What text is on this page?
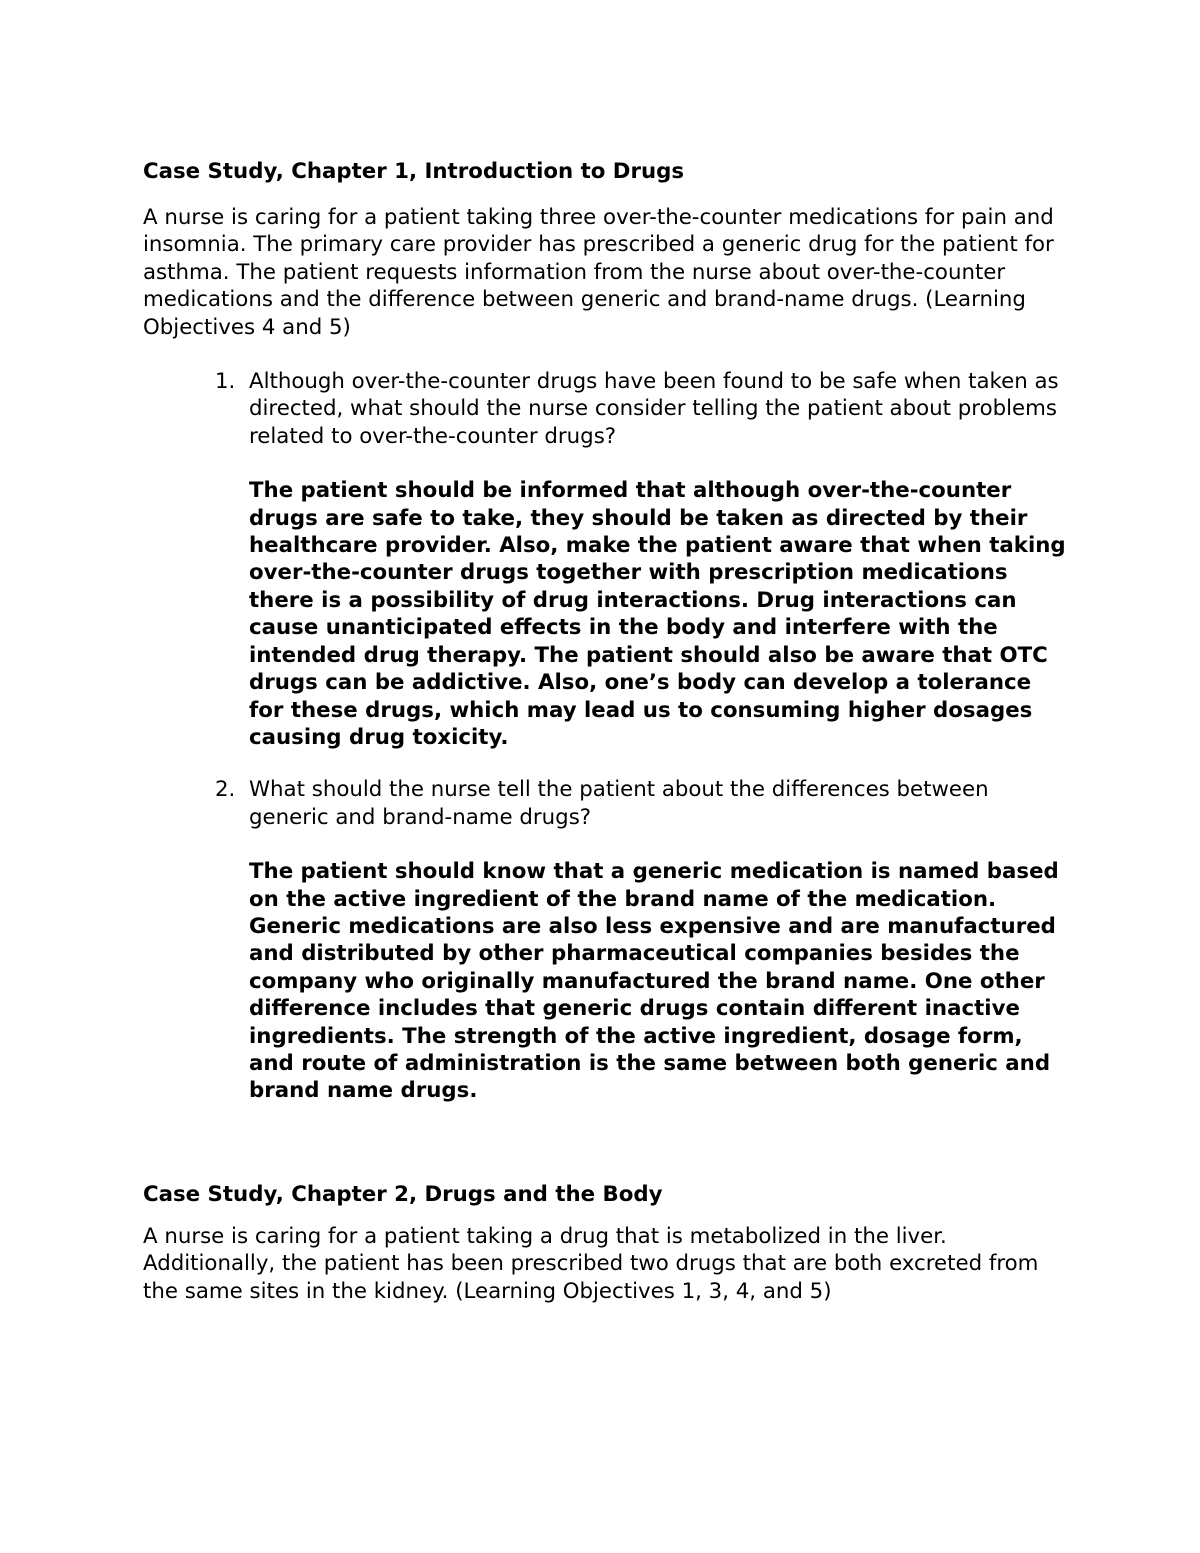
Case Study, Chapter 1, Introduction to Drugs

A nurse is caring for a patient taking three over-the-counter medications for pain and insomnia. The primary care provider has prescribed a generic drug for the patient for asthma. The patient requests information from the nurse about over-the-counter medications and the difference between generic and brand-name drugs. (Learning Objectives 4 and 5)

1. Although over-the-counter drugs have been found to be safe when taken as directed, what should the nurse consider telling the patient about problems related to over-the-counter drugs?

The patient should be informed that although over-the-counter drugs are safe to take, they should be taken as directed by their healthcare provider. Also, make the patient aware that when taking over-the-counter drugs together with prescription medications there is a possibility of drug interactions. Drug interactions can cause unanticipated effects in the body and interfere with the intended drug therapy. The patient should also be aware that OTC drugs can be addictive. Also, one’s body can develop a tolerance for these drugs, which may lead us to consuming higher dosages causing drug toxicity.

2. What should the nurse tell the patient about the differences between generic and brand-name drugs?

The patient should know that a generic medication is named based on the active ingredient of the brand name of the medication. Generic medications are also less expensive and are manufactured and distributed by other pharmaceutical companies besides the company who originally manufactured the brand name. One other difference includes that generic drugs contain different inactive ingredients. The strength of the active ingredient, dosage form, and route of administration is the same between both generic and brand name drugs.

Case Study, Chapter 2, Drugs and the Body

A nurse is caring for a patient taking a drug that is metabolized in the liver. Additionally, the patient has been prescribed two drugs that are both excreted from the same sites in the kidney. (Learning Objectives 1, 3, 4, and 5)
